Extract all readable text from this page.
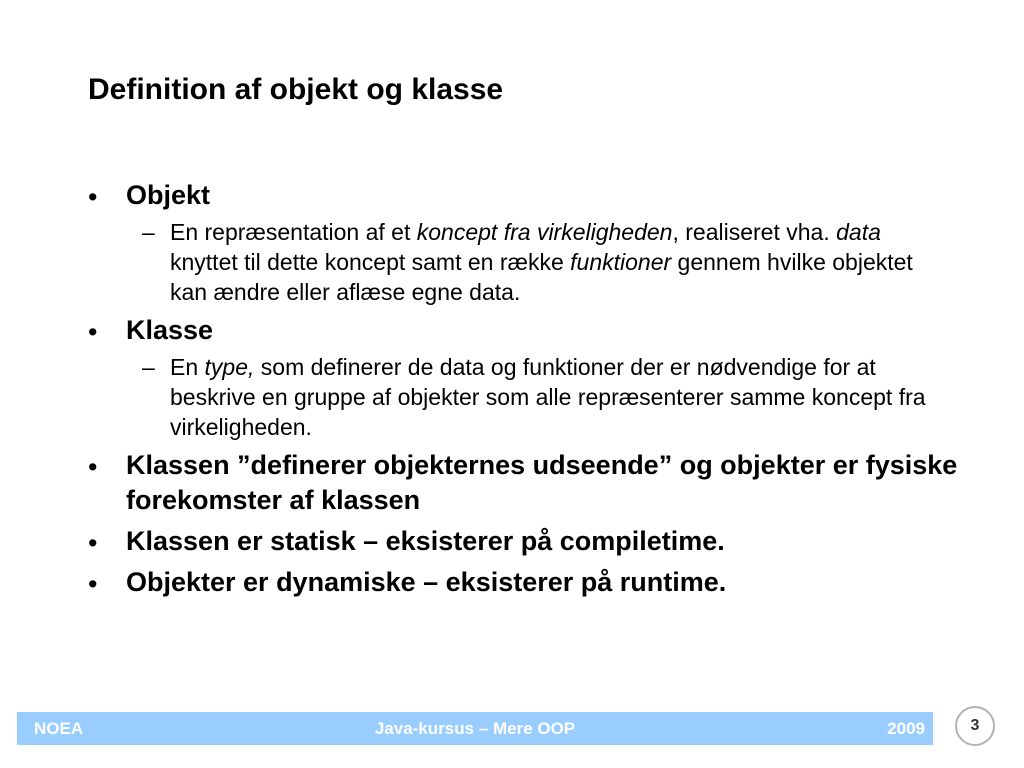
Definition af objekt og klasse
• Objekt
– En repræsentation af et koncept fra virkeligheden, realiseret vha. data knyttet til dette koncept samt en række funktioner gennem hvilke objektet kan ændre eller aflæse egne data.
• Klasse
– En type, som definerer de data og funktioner der er nødvendige for at beskrive en gruppe af objekter som alle repræsenterer samme koncept fra virkeligheden.
• Klassen ”definerer objekternes udseende” og objekter er fysiske forekomster af klassen
• Klassen er statisk – eksisterer på compiletime.
• Objekter er dynamiske – eksisterer på runtime.
NOEA	Java-kursus – Mere OOP	2009	3
